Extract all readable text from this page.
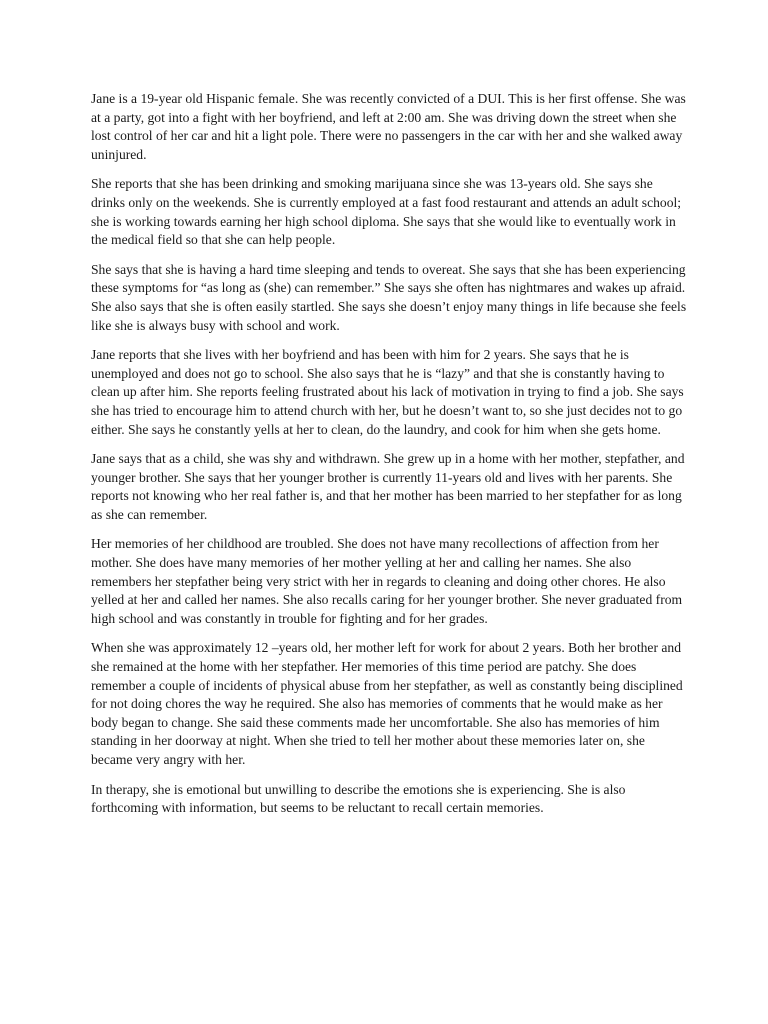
Jane is a 19-year old Hispanic female. She was recently convicted of a DUI. This is her first offense. She was at a party, got into a fight with her boyfriend, and left at 2:00 am. She was driving down the street when she lost control of her car and hit a light pole. There were no passengers in the car with her and she walked away uninjured.

She reports that she has been drinking and smoking marijuana since she was 13-years old. She says she drinks only on the weekends. She is currently employed at a fast food restaurant and attends an adult school; she is working towards earning her high school diploma. She says that she would like to eventually work in the medical field so that she can help people.

She says that she is having a hard time sleeping and tends to overeat. She says that she has been experiencing these symptoms for “as long as (she) can remember.” She says she often has nightmares and wakes up afraid. She also says that she is often easily startled. She says she doesn’t enjoy many things in life because she feels like she is always busy with school and work.

Jane reports that she lives with her boyfriend and has been with him for 2 years. She says that he is unemployed and does not go to school. She also says that he is “lazy” and that she is constantly having to clean up after him. She reports feeling frustrated about his lack of motivation in trying to find a job. She says she has tried to encourage him to attend church with her, but he doesn’t want to, so she just decides not to go either. She says he constantly yells at her to clean, do the laundry, and cook for him when she gets home.

Jane says that as a child, she was shy and withdrawn. She grew up in a home with her mother, stepfather, and younger brother. She says that her younger brother is currently 11-years old and lives with her parents. She reports not knowing who her real father is, and that her mother has been married to her stepfather for as long as she can remember.

Her memories of her childhood are troubled. She does not have many recollections of affection from her mother. She does have many memories of her mother yelling at her and calling her names. She also remembers her stepfather being very strict with her in regards to cleaning and doing other chores. He also yelled at her and called her names. She also recalls caring for her younger brother. She never graduated from high school and was constantly in trouble for fighting and for her grades.

When she was approximately 12 –years old, her mother left for work for about 2 years. Both her brother and she remained at the home with her stepfather. Her memories of this time period are patchy. She does remember a couple of incidents of physical abuse from her stepfather, as well as constantly being disciplined for not doing chores the way he required. She also has memories of comments that he would make as her body began to change. She said these comments made her uncomfortable. She also has memories of him standing in her doorway at night. When she tried to tell her mother about these memories later on, she became very angry with her.

In therapy, she is emotional but unwilling to describe the emotions she is experiencing. She is also forthcoming with information, but seems to be reluctant to recall certain memories.
